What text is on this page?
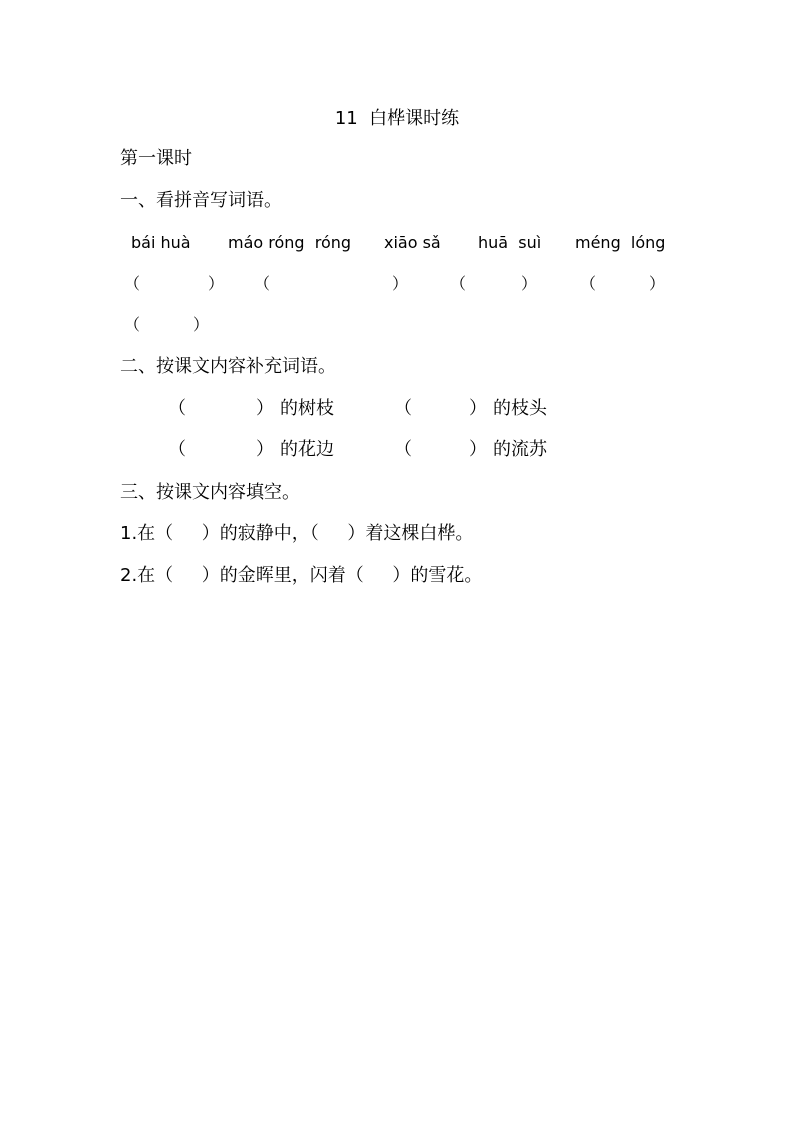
11  白桦课时练
第一课时
一、看拼音写词语。
bái huà máo róng  róng xiāo sǎ huā  suì méng  lóng
（	） （	）	（	）	（	）
（	）
二、按课文内容补充词语。
（	） 的树枝	（	） 的枝头
（	） 的花边	（	） 的流苏
三、按课文内容填空。
1.在（     ）的寂静中，（     ）着这棵白桦。
2.在（     ）的金晖里，闪着（     ）的雪花。
